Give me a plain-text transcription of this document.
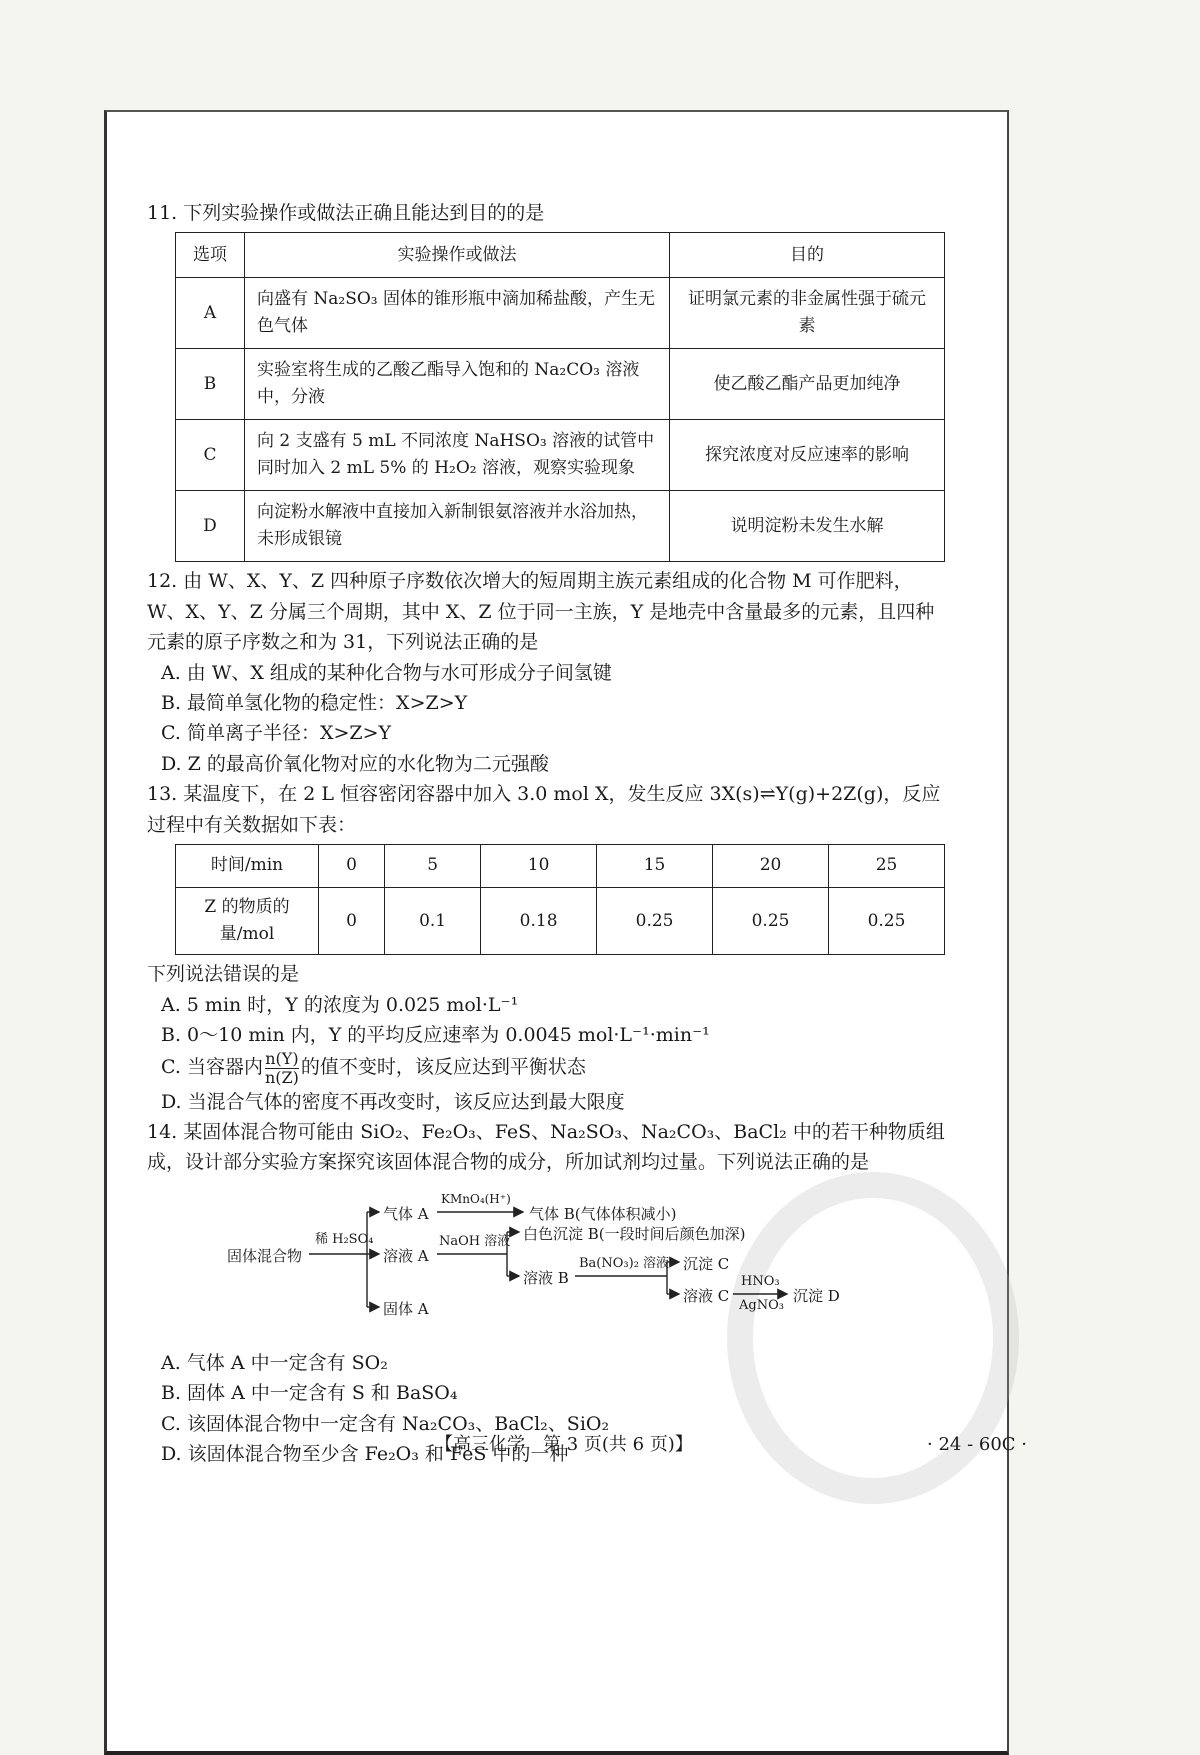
11. 下列实验操作或做法正确且能达到目的的是

选项	实验操作或做法	目的
A	向盛有 Na₂SO₃ 固体的锥形瓶中滴加稀盐酸，产生无色气体	证明氯元素的非金属性强于硫元素
B	实验室将生成的乙酸乙酯导入饱和的 Na₂CO₃ 溶液中，分液	使乙酸乙酯产品更加纯净
C	向 2 支盛有 5 mL 不同浓度 NaHSO₃ 溶液的试管中同时加入 2 mL 5% 的 H₂O₂ 溶液，观察实验现象	探究浓度对反应速率的影响
D	向淀粉水解液中直接加入新制银氨溶液并水浴加热，未形成银镜	说明淀粉未发生水解

12. 由 W、X、Y、Z 四种原子序数依次增大的短周期主族元素组成的化合物 M 可作肥料，W、X、Y、Z 分属三个周期，其中 X、Z 位于同一主族，Y 是地壳中含量最多的元素，且四种元素的原子序数之和为 31，下列说法正确的是

A. 由 W、X 组成的某种化合物与水可形成分子间氢键

B. 最简单氢化物的稳定性：X>Z>Y

C. 简单离子半径：X>Z>Y

D. Z 的最高价氧化物对应的水化物为二元强酸

13. 某温度下，在 2 L 恒容密闭容器中加入 3.0 mol X，发生反应 3X(s)⇌Y(g)+2Z(g)，反应过程中有关数据如下表：

时间/min	0	5	10	15	20	25
Z 的物质的量/mol	0	0.1	0.18	0.25	0.25	0.25

下列说法错误的是

A. 5 min 时，Y 的浓度为 0.025 mol·L⁻¹

B. 0～10 min 内，Y 的平均反应速率为 0.0045 mol·L⁻¹·min⁻¹

C. 当容器内 $\frac{n(Y)}{n(Z)}$ 的值不变时，该反应达到平衡状态

D. 当混合气体的密度不再改变时，该反应达到最大限度

14. 某固体混合物可能由 SiO₂、Fe₂O₃、FeS、Na₂SO₃、Na₂CO₃、BaCl₂ 中的若干种物质组成，设计部分实验方案探究该固体混合物的成分，所加试剂均过量。下列说法正确的是

固体混合物
稀 H₂SO₄
气体 A
KMnO₄(H⁺)
气体 B(气体体积减小)
溶液 A
NaOH 溶液 白色沉淀 B(一段时间后颜色加深)
溶液 B
Ba(NO₃)₂ 溶液 沉淀 C
溶液 C
HNO₃
AgNO₃
沉淀 D
固体 A

A. 气体 A 中一定含有 SO₂

B. 固体 A 中一定含有 S 和 BaSO₄

C. 该固体混合物中一定含有 Na₂CO₃、BaCl₂、SiO₂

D. 该固体混合物至少含 Fe₂O₃ 和 FeS 中的一种

【高三化学　第 3 页(共 6 页)】	· 24 - 60C ·
